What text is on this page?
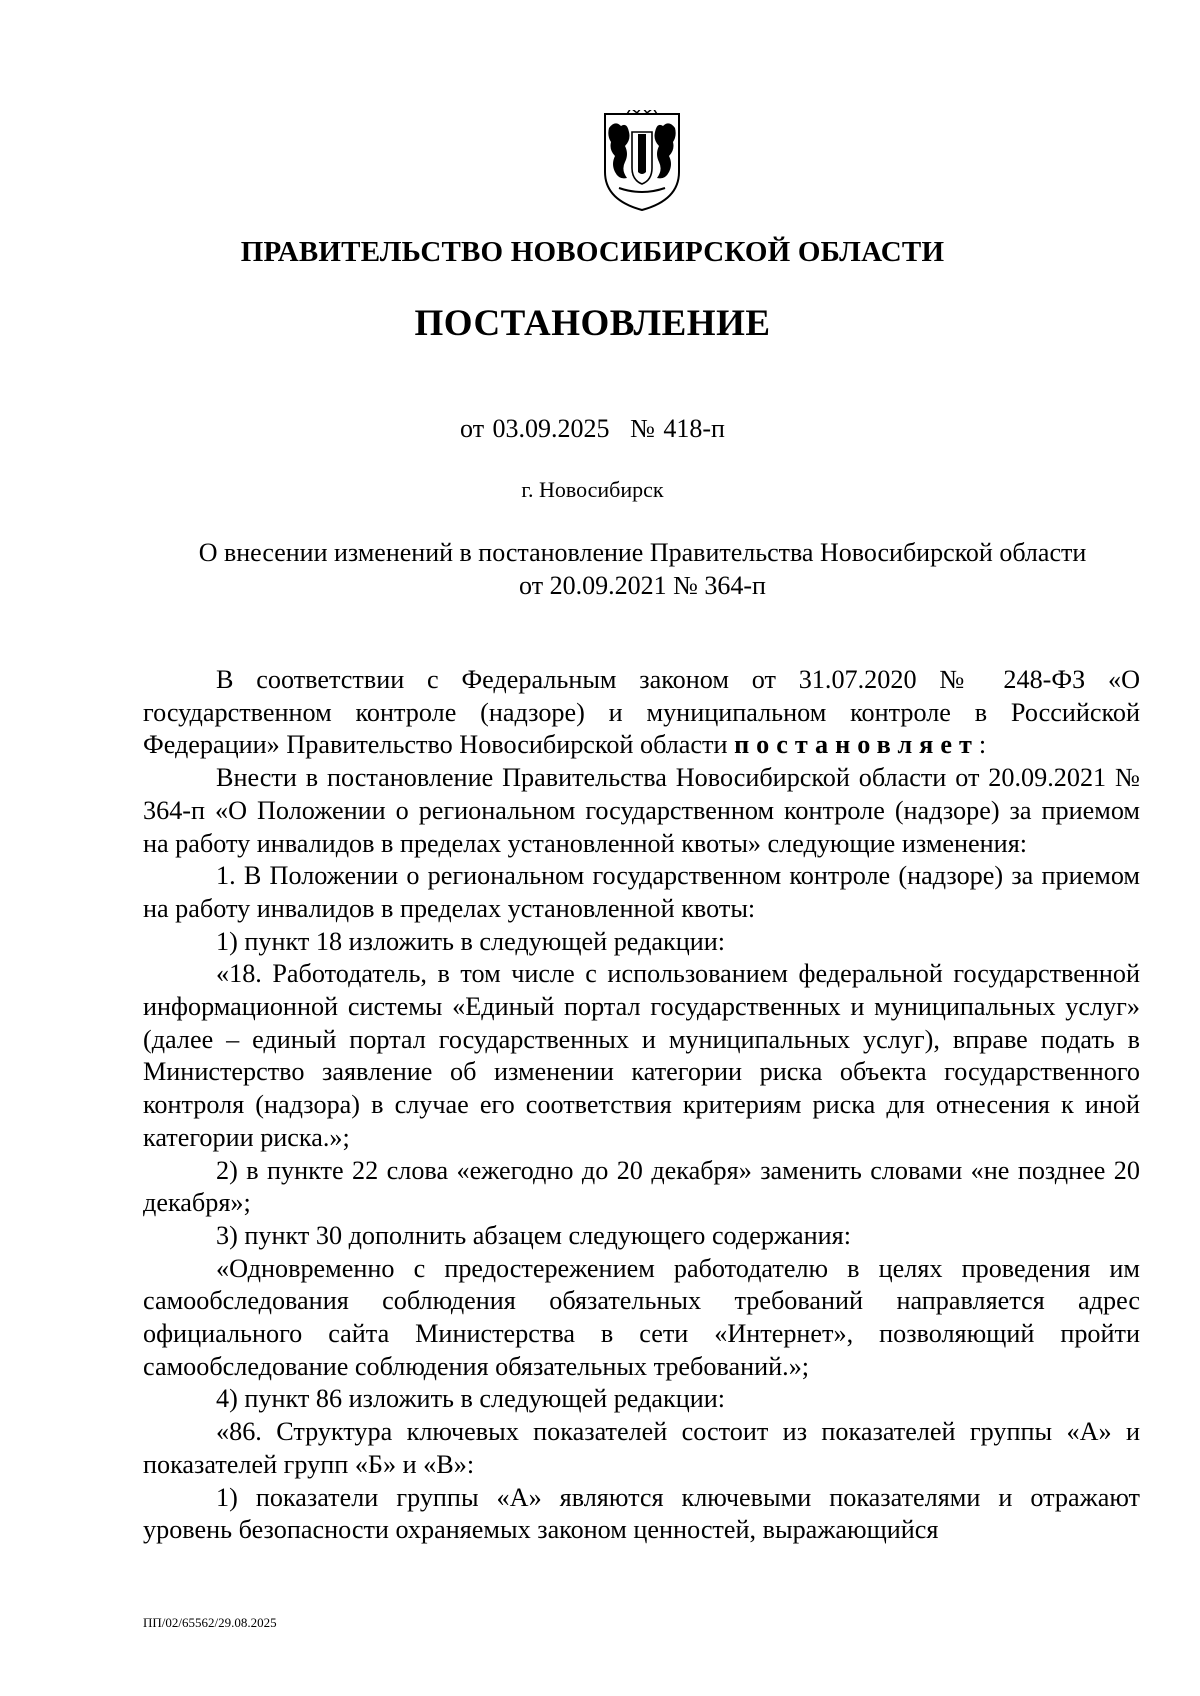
ПРАВИТЕЛЬСТВО НОВОСИБИРСКОЙ ОБЛАСТИ
ПОСТАНОВЛЕНИЕ
от 03.09.2025 № 418-п
г. Новосибирск
О внесении изменений в постановление Правительства Новосибирской области
от 20.09.2021 № 364-п

В соответствии с Федеральным законом от 31.07.2020 № 248-ФЗ «О государственном контроле (надзоре) и муниципальном контроле в Российской Федерации» Правительство Новосибирской области постановляет:

Внести в постановление Правительства Новосибирской области от 20.09.2021 № 364-п «О Положении о региональном государственном контроле (надзоре) за приемом на работу инвалидов в пределах установленной квоты» следующие изменения:

1. В Положении о региональном государственном контроле (надзоре) за приемом на работу инвалидов в пределах установленной квоты:

1) пункт 18 изложить в следующей редакции:

«18. Работодатель, в том числе с использованием федеральной государственной информационной системы «Единый портал государственных и муниципальных услуг» (далее – единый портал государственных и муниципальных услуг), вправе подать в Министерство заявление об изменении категории риска объекта государственного контроля (надзора) в случае его соответствия критериям риска для отнесения к иной категории риска.»;

2) в пункте 22 слова «ежегодно до 20 декабря» заменить словами «не позднее 20 декабря»;

3) пункт 30 дополнить абзацем следующего содержания:

«Одновременно с предостережением работодателю в целях проведения им самообследования соблюдения обязательных требований направляется адрес официального сайта Министерства в сети «Интернет», позволяющий пройти самообследование соблюдения обязательных требований.»;

4) пункт 86 изложить в следующей редакции:

«86. Структура ключевых показателей состоит из показателей группы «А» и показателей групп «Б» и «В»:

1) показатели группы «А» являются ключевыми показателями и отражают уровень безопасности охраняемых законом ценностей, выражающийся

ПП/02/65562/29.08.2025
